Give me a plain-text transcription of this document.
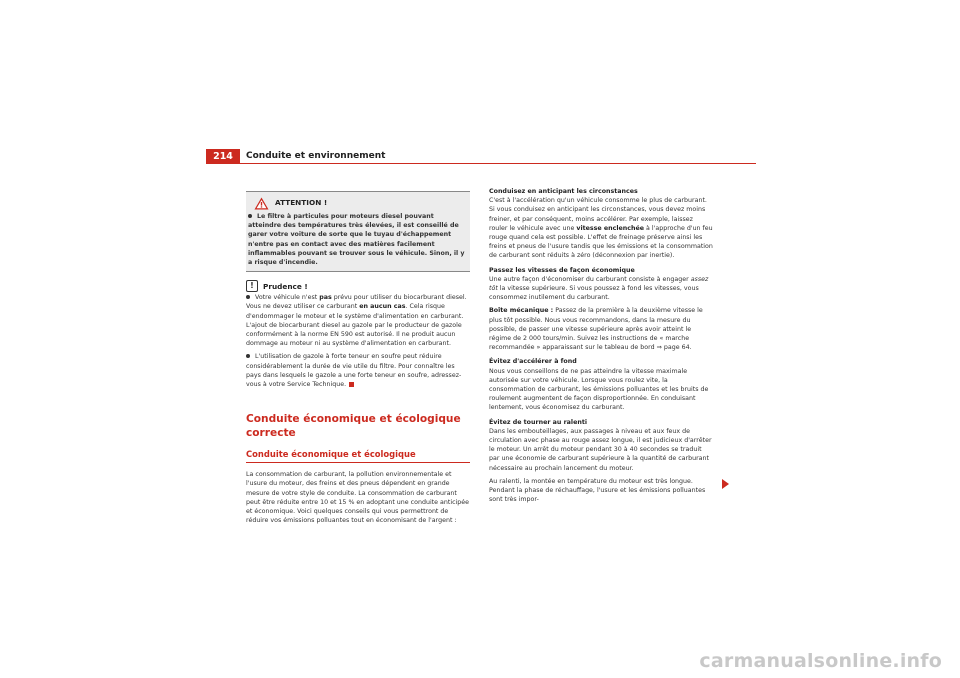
214	Conduite et environnement
ATTENTION !
Le filtre à particules pour moteurs diesel pouvant atteindre des températures très élevées, il est conseillé de garer votre voiture de sorte que le tuyau d'échappement n'entre pas en contact avec des matières facilement inflammables pouvant se trouver sous le véhicule. Sinon, il y a risque d'incendie.
!	Prudence !

Votre véhicule n'est pas prévu pour utiliser du biocarburant diesel. Vous ne devez utiliser ce carburant en aucun cas. Cela risque d'endommager le moteur et le système d'alimentation en carburant. L'ajout de biocarburant diesel au gazole par le producteur de gazole conformément à la norme EN 590 est autorisé. Il ne produit aucun dommage au moteur ni au système d'alimentation en carburant.

L'utilisation de gazole à forte teneur en soufre peut réduire considérablement la durée de vie utile du filtre. Pour connaître les pays dans lesquels le gazole a une forte teneur en soufre, adressez-vous à votre Service Technique.

Conduite économique et écologique correcte
Conduite économique et écologique

La consommation de carburant, la pollution environnementale et l'usure du moteur, des freins et des pneus dépendent en grande mesure de votre style de conduite. La consommation de carburant peut être réduite entre 10 et 15 % en adoptant une conduite anticipée et économique. Voici quelques conseils qui vous permettront de réduire vos émissions polluantes tout en économisant de l'argent :

Conduisez en anticipant les circonstances

C'est à l'accélération qu'un véhicule consomme le plus de carburant. Si vous conduisez en anticipant les circonstances, vous devez moins freiner, et par conséquent, moins accélérer. Par exemple, laissez rouler le véhicule avec une vitesse enclenchée à l'approche d'un feu rouge quand cela est possible. L'effet de freinage préserve ainsi les freins et pneus de l'usure tandis que les émissions et la consommation de carburant sont réduits à zéro (déconnexion par inertie).

Passez les vitesses de façon économique

Une autre façon d'économiser du carburant consiste à engager assez tôt la vitesse supérieure. Si vous poussez à fond les vitesses, vous consommez inutilement du carburant.

Boîte mécanique : Passez de la première à la deuxième vitesse le plus tôt possible. Nous vous recommandons, dans la mesure du possible, de passer une vitesse supérieure après avoir atteint le régime de 2 000 tours/min. Suivez les instructions de « marche recommandée » apparaissant sur le tableau de bord ⇒ page 64.

Évitez d'accélérer à fond

Nous vous conseillons de ne pas atteindre la vitesse maximale autorisée sur votre véhicule. Lorsque vous roulez vite, la consommation de carburant, les émissions polluantes et les bruits de roulement augmentent de façon disproportionnée. En conduisant lentement, vous économisez du carburant.

Évitez de tourner au ralenti

Dans les embouteillages, aux passages à niveau et aux feux de circulation avec phase au rouge assez longue, il est judicieux d'arrêter le moteur. Un arrêt du moteur pendant 30 à 40 secondes se traduit par une économie de carburant supérieure à la quantité de carburant nécessaire au prochain lancement du moteur.

Au ralenti, la montée en température du moteur est très longue. Pendant la phase de réchauffage, l'usure et les émissions polluantes sont très impor-

carmanualsonline.info
